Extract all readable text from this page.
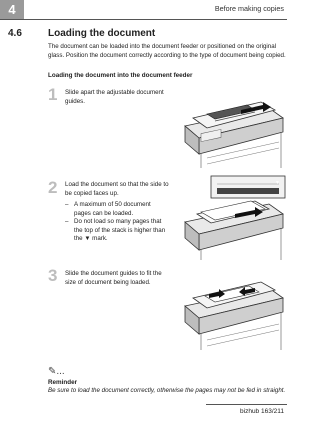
4	Before making copies
4.6	Loading the document

The document can be loaded into the document feeder or positioned on the original glass. Position the document correctly according to the type of document being copied.

Loading the document into the document feeder
1 Slide apart the adjustable document guides.

2 Load the document so that the side to be copied faces up.

– A maximum of 50 document pages can be loaded.
– Do not load so many pages that the top of the stack is higher than the ▼ mark.
3 Slide the document guides to fit the size of document being loaded.

▼
✎...
Reminder

Be sure to load the document correctly, otherwise the pages may not be fed in straight.

bizhub 163/211
4-20
